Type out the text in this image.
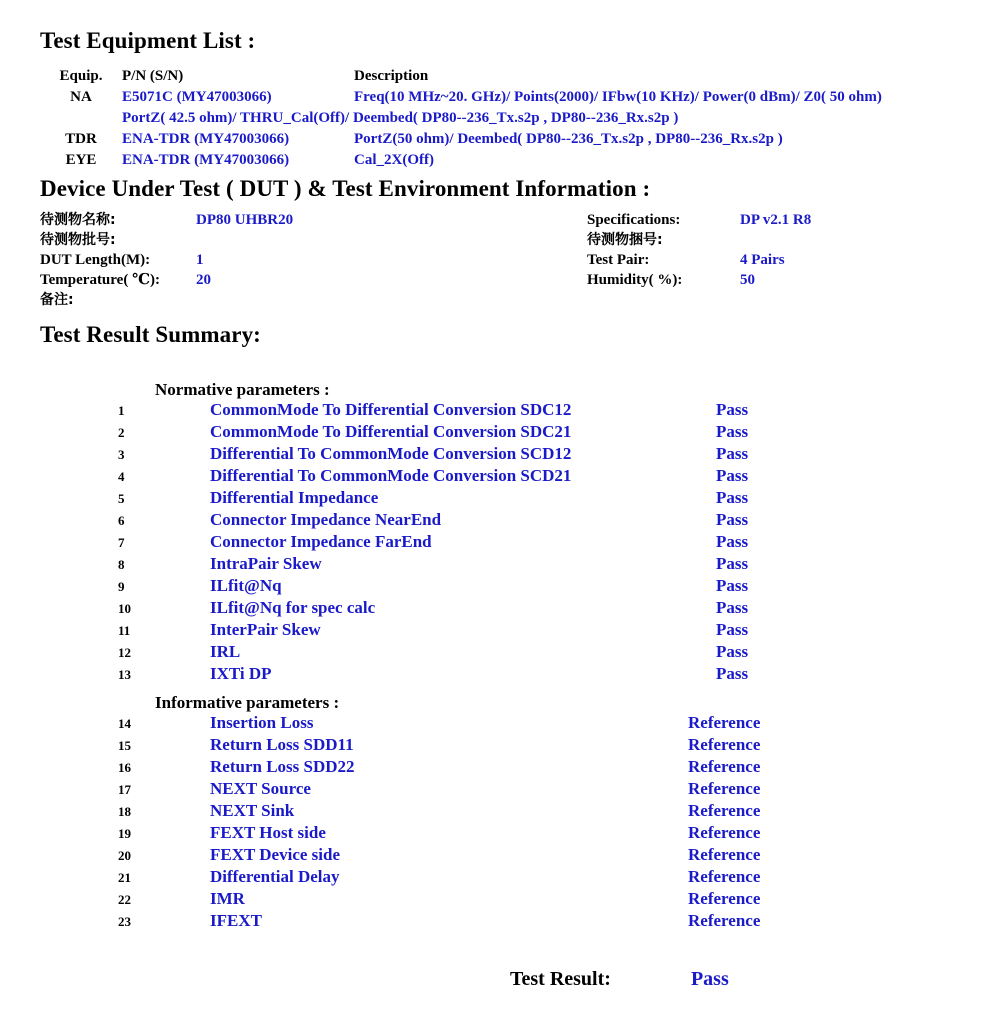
Test Equipment List :
Equip.	P/N (S/N)	Description
NA	E5071C (MY47003066)	Freq(10 MHz~20. GHz)/ Points(2000)/ IFbw(10 KHz)/ Power(0 dBm)/ Z0( 50 ohm)
	PortZ( 42.5 ohm)/ THRU_Cal(Off)/ Deembed( DP80--236_Tx.s2p , DP80--236_Rx.s2p )	
TDR	ENA-TDR (MY47003066)	PortZ(50 ohm)/ Deembed( DP80--236_Tx.s2p , DP80--236_Rx.s2p )
EYE	ENA-TDR (MY47003066)	Cal_2X(Off)
Device Under Test ( DUT ) & Test Environment Information :
待测物名称:	DP80 UHBR20
待测物批号:	
DUT Length(M):	1
Temperature( ℃):	20
备注:	
Specifications:	DP v2.1 R8
待测物捆号:	
Test Pair:	4 Pairs
Humidity( %):	50
Test Result Summary:
Normative parameters :
1	CommonMode To Differential Conversion SDC12	Pass
2	CommonMode To Differential Conversion SDC21	Pass
3	Differential To CommonMode Conversion SCD12	Pass
4	Differential To CommonMode Conversion SCD21	Pass
5	Differential Impedance	Pass
6	Connector Impedance NearEnd	Pass
7	Connector Impedance FarEnd	Pass
8	IntraPair Skew	Pass
9	ILfit@Nq	Pass
10	ILfit@Nq for spec calc	Pass
11	InterPair Skew	Pass
12	IRL	Pass
13	IXTi DP	Pass
Informative parameters :
14	Insertion Loss	Reference
15	Return Loss SDD11	Reference
16	Return Loss SDD22	Reference
17	NEXT Source	Reference
18	NEXT Sink	Reference
19	FEXT Host side	Reference
20	FEXT Device side	Reference
21	Differential Delay	Reference
22	IMR	Reference
23	IFEXT	Reference
Test Result:	Pass
